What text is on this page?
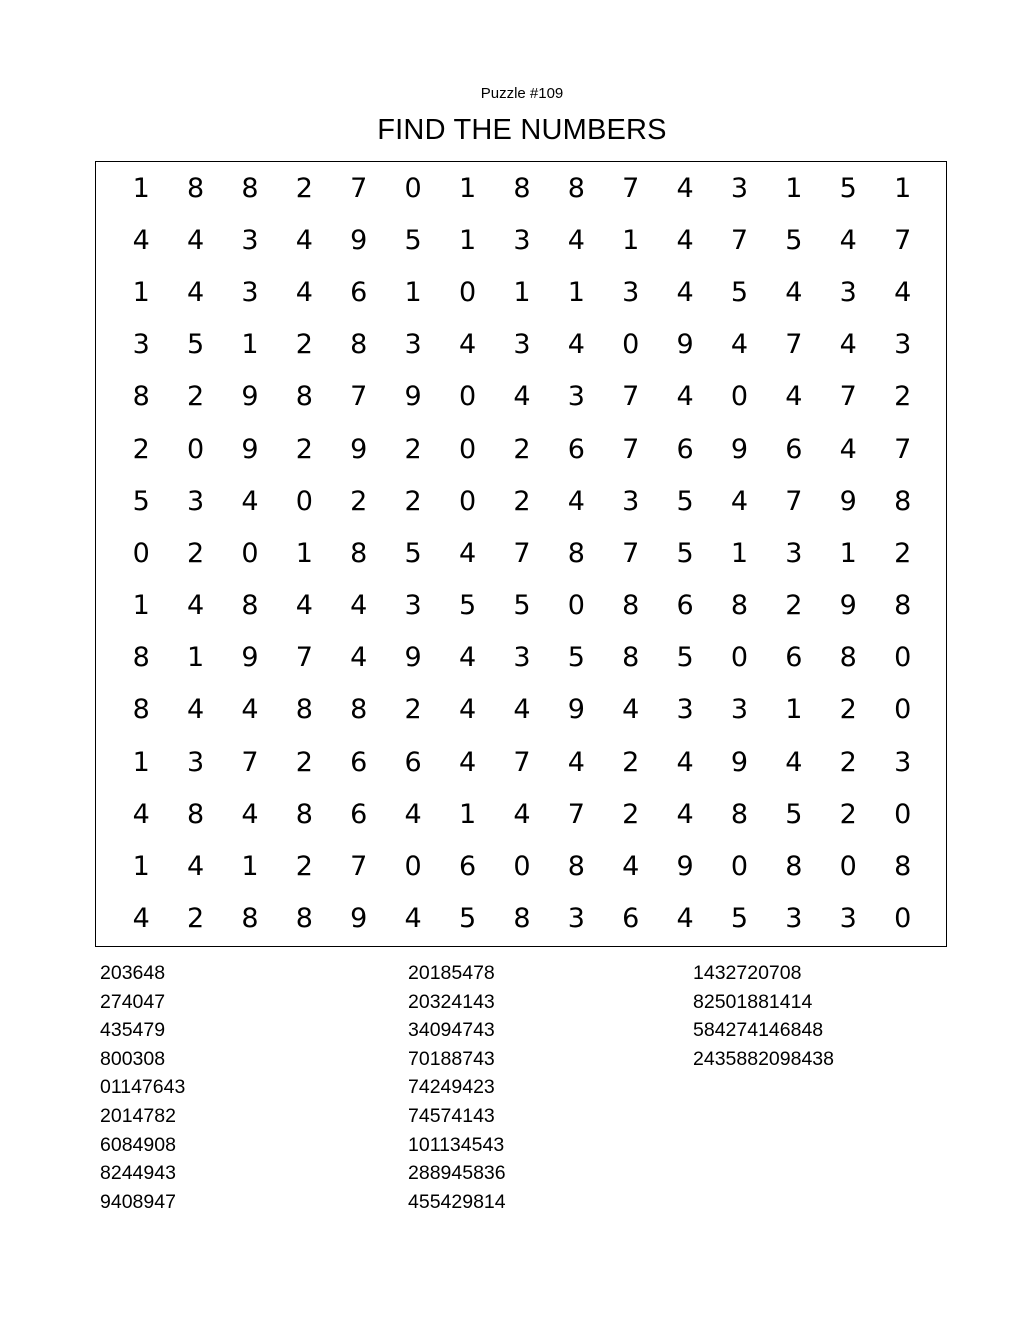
Puzzle #109
FIND THE NUMBERS
1	8	8	2	7	0	1	8	8	7	4	3	1	5	1
4	4	3	4	9	5	1	3	4	1	4	7	5	4	7
1	4	3	4	6	1	0	1	1	3	4	5	4	3	4
3	5	1	2	8	3	4	3	4	0	9	4	7	4	3
8	2	9	8	7	9	0	4	3	7	4	0	4	7	2
2	0	9	2	9	2	0	2	6	7	6	9	6	4	7
5	3	4	0	2	2	0	2	4	3	5	4	7	9	8
0	2	0	1	8	5	4	7	8	7	5	1	3	1	2
1	4	8	4	4	3	5	5	0	8	6	8	2	9	8
8	1	9	7	4	9	4	3	5	8	5	0	6	8	0
8	4	4	8	8	2	4	4	9	4	3	3	1	2	0
1	3	7	2	6	6	4	7	4	2	4	9	4	2	3
4	8	4	8	6	4	1	4	7	2	4	8	5	2	0
1	4	1	2	7	0	6	0	8	4	9	0	8	0	8
4	2	8	8	9	4	5	8	3	6	4	5	3	3	0
203648
274047
435479
800308
01147643
2014782
6084908
8244943
9408947
20185478
20324143
34094743
70188743
74249423
74574143
101134543
288945836
455429814
1432720708
82501881414
584274146848
2435882098438
